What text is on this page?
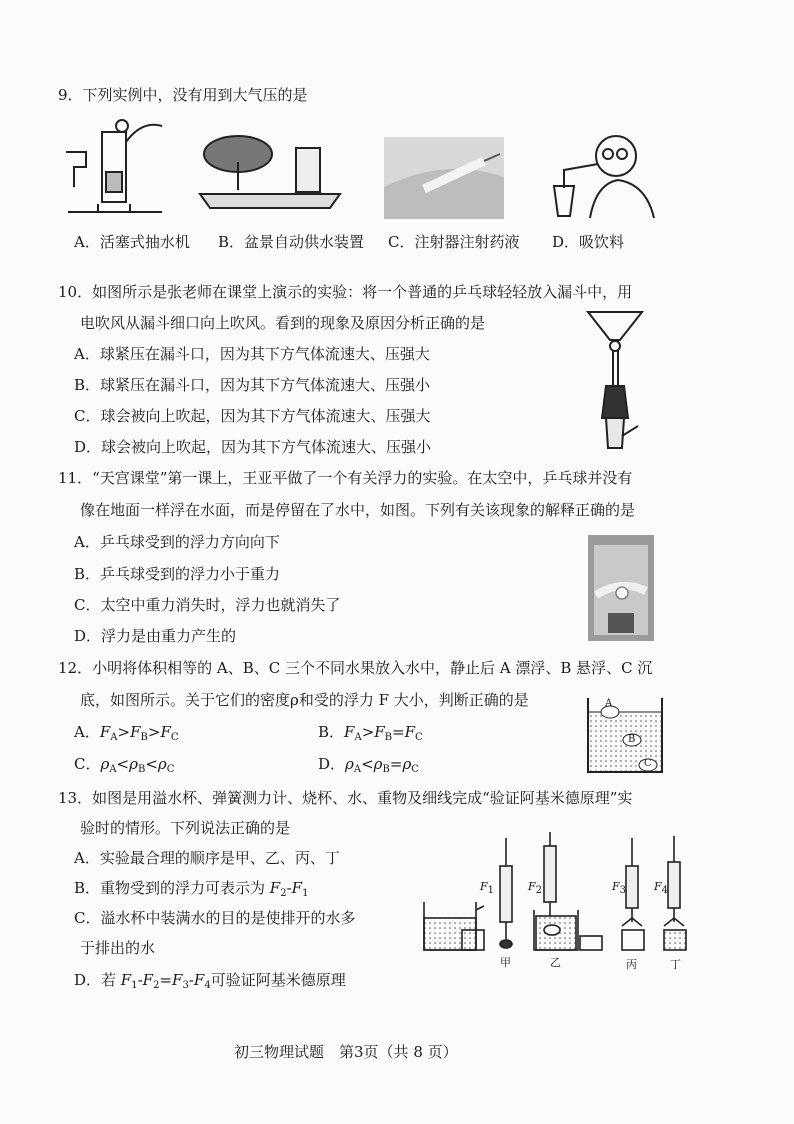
9．下列实例中，没有用到大气压的是
A．活塞式抽水机 B．盆景自动供水装置 C．注射器注射药液 D．吸饮料
10．如图所示是张老师在课堂上演示的实验：将一个普通的乒乓球轻轻放入漏斗中，用
电吹风从漏斗细口向上吹风。看到的现象及原因分析正确的是
A．球紧压在漏斗口，因为其下方气体流速大、压强大
B．球紧压在漏斗口，因为其下方气体流速大、压强小
C．球会被向上吹起，因为其下方气体流速大、压强大
D．球会被向上吹起，因为其下方气体流速大、压强小
11．“天宫课堂”第一课上，王亚平做了一个有关浮力的实验。在太空中，乒乓球并没有
像在地面一样浮在水面，而是停留在了水中，如图。下列有关该现象的解释正确的是
A．乒乓球受到的浮力方向向下
B．乒乓球受到的浮力小于重力
C．太空中重力消失时，浮力也就消失了
D．浮力是由重力产生的
12．小明将体积相等的 A、B、C 三个不同水果放入水中，静止后 A 漂浮、B 悬浮、C 沉
底，如图所示。关于它们的密度ρ和受的浮力 F 大小，判断正确的是
A．$F_A>F_B>F_C$	B．$F_A>F_B=F_C$
C．$\rho_A<\rho_B<\rho_C$	D．$\rho_A<\rho_B=\rho_C$
A
B
C
13．如图是用溢水杯、弹簧测力计、烧杯、水、重物及细线完成“验证阿基米德原理”实
验时的情形。下列说法正确的是
A．实验最合理的顺序是甲、乙、丙、丁
B．重物受到的浮力可表示为 $F_2-F_1$
C．溢水杯中装满水的目的是使排开的水多
于排出的水
D．若 $F_1-F_2=F_3-F_4$可验证阿基米德原理
F1	F2	F3	F4
甲	乙	丙	丁
初三物理试题　第3页（共 8 页）
